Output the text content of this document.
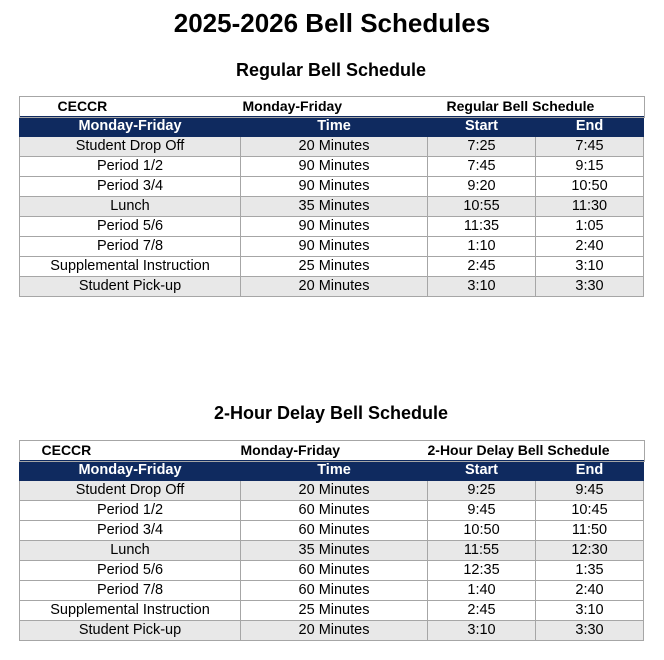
2025-2026 Bell Schedules
Regular Bell Schedule
CECCR	Monday-Friday	Regular Bell Schedule	
Monday-Friday	Time	Start	End
Student Drop Off	20 Minutes	7:25	7:45
Period 1/2	90 Minutes	7:45	9:15
Period 3/4	90 Minutes	9:20	10:50
Lunch	35 Minutes	10:55	11:30
Period 5/6	90 Minutes	11:35	1:05
Period 7/8	90 Minutes	1:10	2:40
Supplemental Instruction	25 Minutes	2:45	3:10
Student Pick-up	20 Minutes	3:10	3:30
2-Hour Delay Bell Schedule
CECCR	Monday-Friday	2-Hour Delay Bell Schedule	
Monday-Friday	Time	Start	End
Student Drop Off	20 Minutes	9:25	9:45
Period 1/2	60 Minutes	9:45	10:45
Period 3/4	60 Minutes	10:50	11:50
Lunch	35 Minutes	11:55	12:30
Period 5/6	60 Minutes	12:35	1:35
Period 7/8	60 Minutes	1:40	2:40
Supplemental Instruction	25 Minutes	2:45	3:10
Student Pick-up	20 Minutes	3:10	3:30
